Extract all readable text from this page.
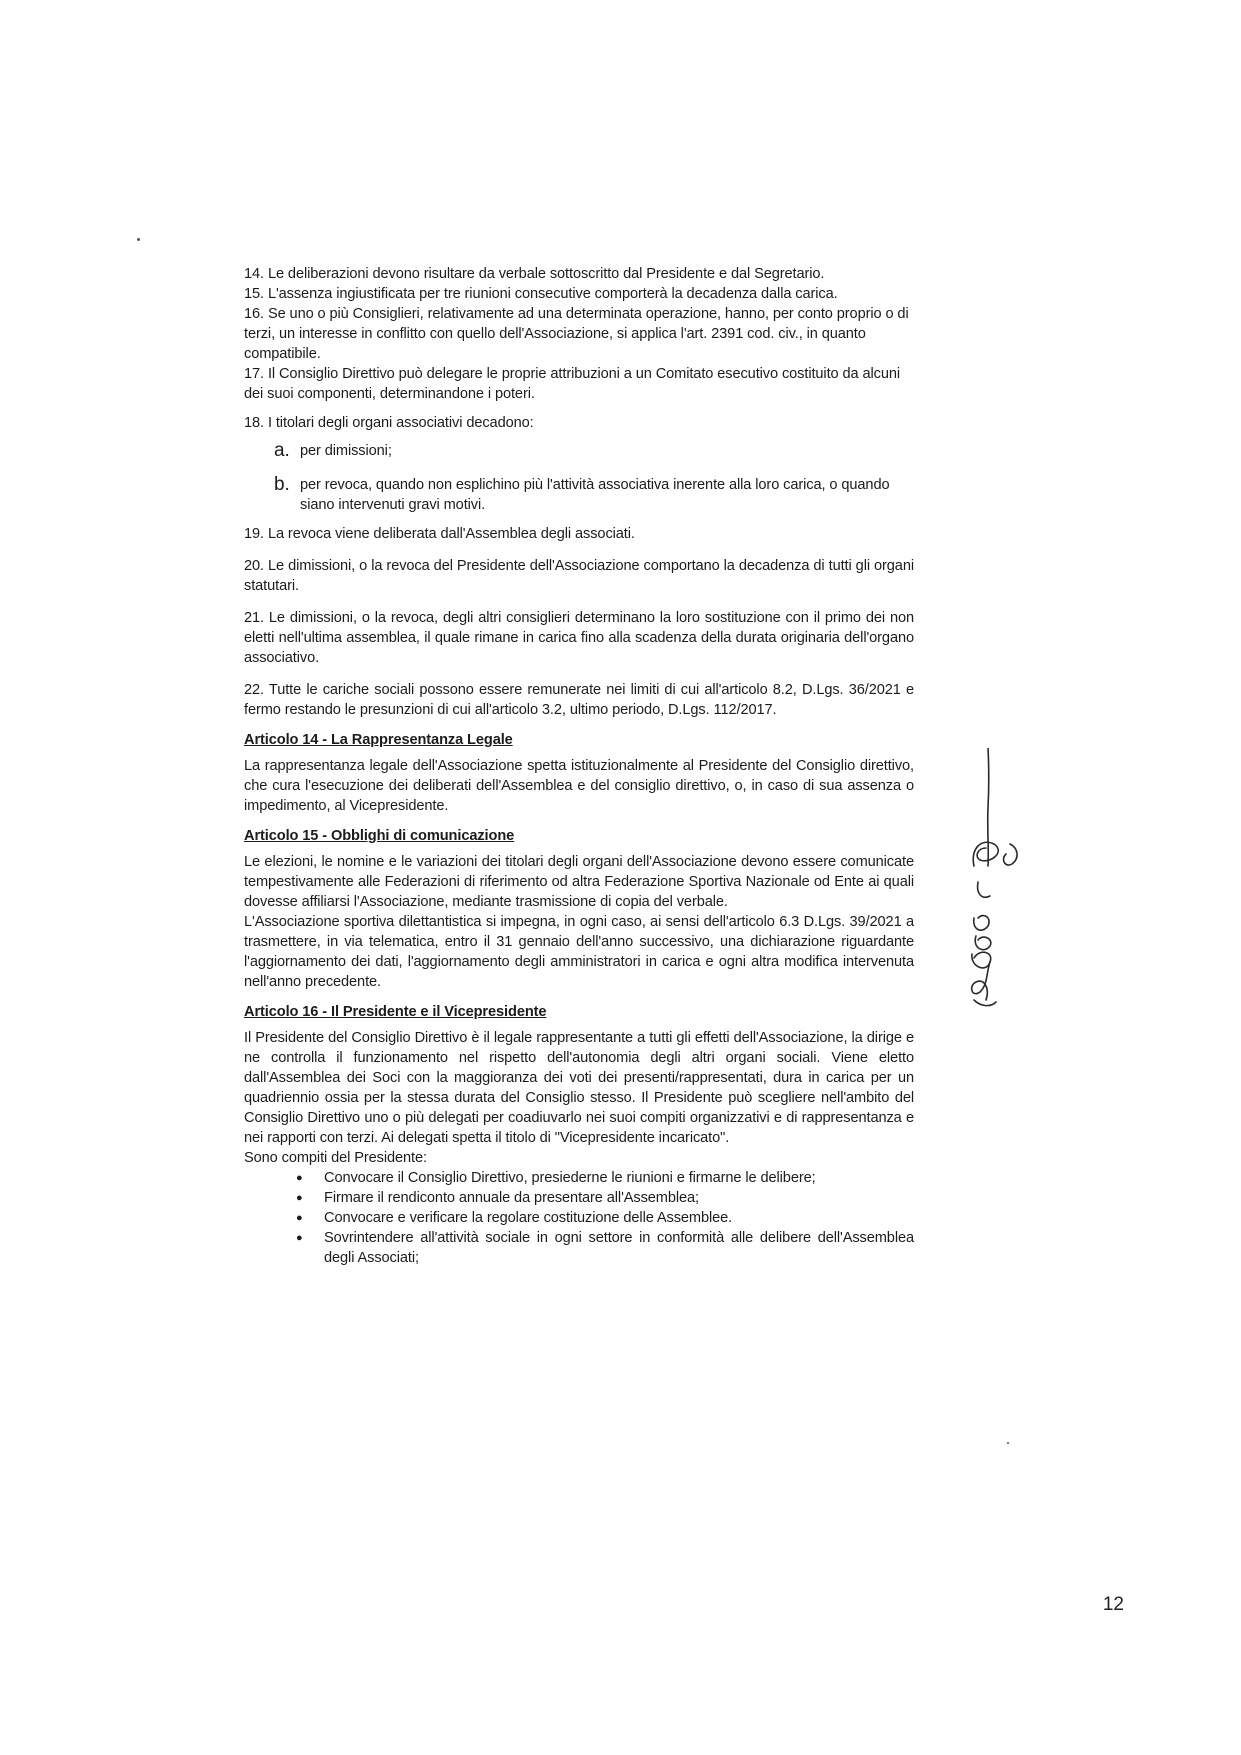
14. Le deliberazioni devono risultare da verbale sottoscritto dal Presidente e dal Segretario.

15. L'assenza ingiustificata per tre riunioni consecutive comporterà la decadenza dalla carica.

16. Se uno o più Consiglieri, relativamente ad una determinata operazione, hanno, per conto proprio o di terzi, un interesse in conflitto con quello dell'Associazione, si applica l'art. 2391 cod. civ., in quanto compatibile.

17. Il Consiglio Direttivo può delegare le proprie attribuzioni a un Comitato esecutivo costituito da alcuni dei suoi componenti, determinandone i poteri.

18. I titolari degli organi associativi decadono:

a. per dimissioni;
b. per revoca, quando non esplichino più l'attività associativa inerente alla loro carica, o quando siano intervenuti gravi motivi.

19. La revoca viene deliberata dall'Assemblea degli associati.

20. Le dimissioni, o la revoca del Presidente dell'Associazione comportano la decadenza di tutti gli organi statutari.

21. Le dimissioni, o la revoca, degli altri consiglieri determinano la loro sostituzione con il primo dei non eletti nell'ultima assemblea, il quale rimane in carica fino alla scadenza della durata originaria dell'organo associativo.

22. Tutte le cariche sociali possono essere remunerate nei limiti di cui all'articolo 8.2, D.Lgs. 36/2021 e fermo restando le presunzioni di cui all'articolo 3.2, ultimo periodo, D.Lgs. 112/2017.

Articolo 14 - La Rappresentanza Legale

La rappresentanza legale dell'Associazione spetta istituzionalmente al Presidente del Consiglio direttivo, che cura l'esecuzione dei deliberati dell'Assemblea e del consiglio direttivo, o, in caso di sua assenza o impedimento, al Vicepresidente.

Articolo 15 - Obblighi di comunicazione

Le elezioni, le nomine e le variazioni dei titolari degli organi dell'Associazione devono essere comunicate tempestivamente alle Federazioni di riferimento od altra Federazione Sportiva Nazionale od Ente ai quali dovesse affiliarsi l'Associazione, mediante trasmissione di copia del verbale.

L'Associazione sportiva dilettantistica si impegna, in ogni caso, ai sensi dell'articolo 6.3 D.Lgs. 39/2021 a trasmettere, in via telematica, entro il 31 gennaio dell'anno successivo, una dichiarazione riguardante l'aggiornamento dei dati, l'aggiornamento degli amministratori in carica e ogni altra modifica intervenuta nell'anno precedente.

Articolo 16 - Il Presidente e il Vicepresidente

Il Presidente del Consiglio Direttivo è il legale rappresentante a tutti gli effetti dell'Associazione, la dirige e ne controlla il funzionamento nel rispetto dell'autonomia degli altri organi sociali. Viene eletto dall'Assemblea dei Soci con la maggioranza dei voti dei presenti/rappresentati, dura in carica per un quadriennio ossia per la stessa durata del Consiglio stesso. Il Presidente può scegliere nell'ambito del Consiglio Direttivo uno o più delegati per coadiuvarlo nei suoi compiti organizzativi e di rappresentanza e nei rapporti con terzi. Ai delegati spetta il titolo di "Vicepresidente incaricato".

Sono compiti del Presidente:

●	Convocare il Consiglio Direttivo, presiederne le riunioni e firmarne le delibere;
●	Firmare il rendiconto annuale da presentare all'Assemblea;
●	Convocare e verificare la regolare costituzione delle Assemblee.
●	Sovrintendere all'attività sociale in ogni settore in conformità alle delibere dell'Assemblea degli Associati;
12
